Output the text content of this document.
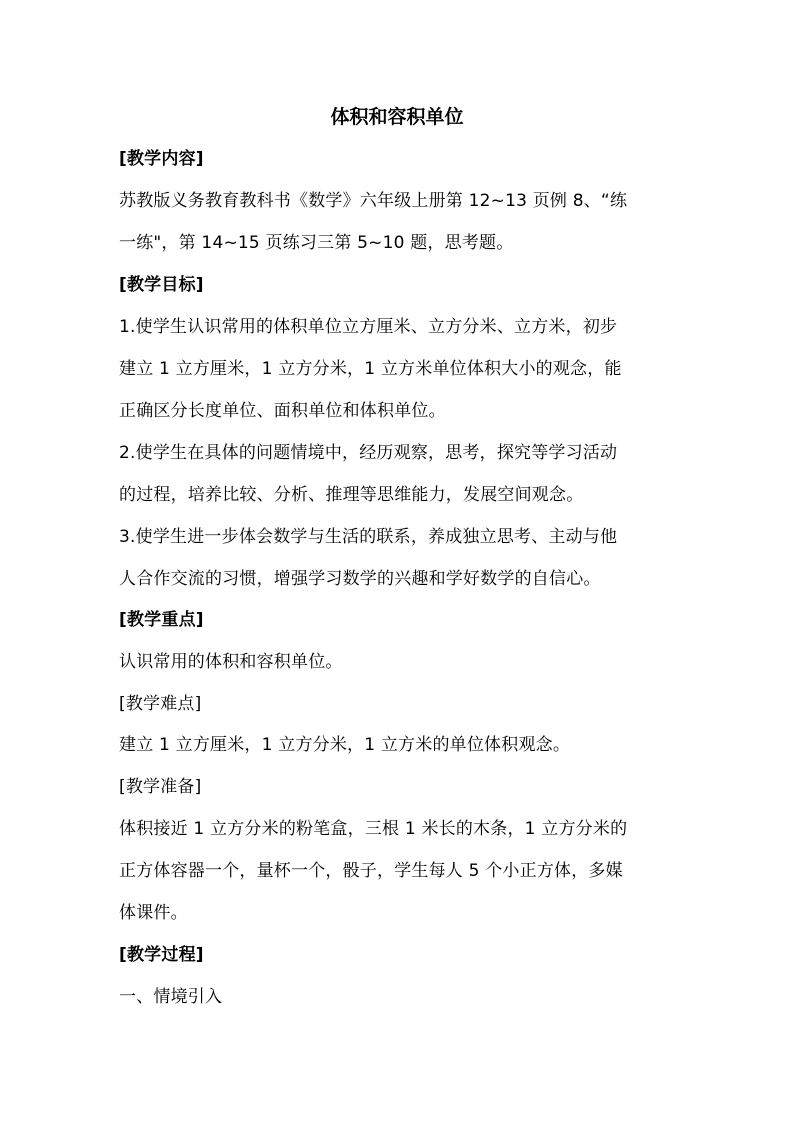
体积和容积单位
[教学内容]
苏教版义务教育教科书《数学》六年级上册第 12~13 页例 8、“练
一练"，第 14~15 页练习三第 5~10 题，思考题。
[教学目标]
1.使学生认识常用的体积单位立方厘米、立方分米、立方米，初步
建立 1 立方厘米，1 立方分米，1 立方米单位体积大小的观念，能
正确区分长度单位、面积单位和体积单位。
2.使学生在具体的问题情境中，经历观察，思考，探究等学习活动
的过程，培养比较、分析、推理等思维能力，发展空间观念。
3.使学生进一步体会数学与生活的联系，养成独立思考、主动与他
人合作交流的习惯，增强学习数学的兴趣和学好数学的自信心。
[教学重点]
认识常用的体积和容积单位。
[教学难点]
建立 1 立方厘米，1 立方分米，1 立方米的单位体积观念。
[教学准备]
体积接近 1 立方分米的粉笔盒，三根 1 米长的木条，1 立方分米的
正方体容器一个，量杯一个，骰子，学生每人 5 个小正方体，多媒
体课件。
[教学过程]
一、情境引入
